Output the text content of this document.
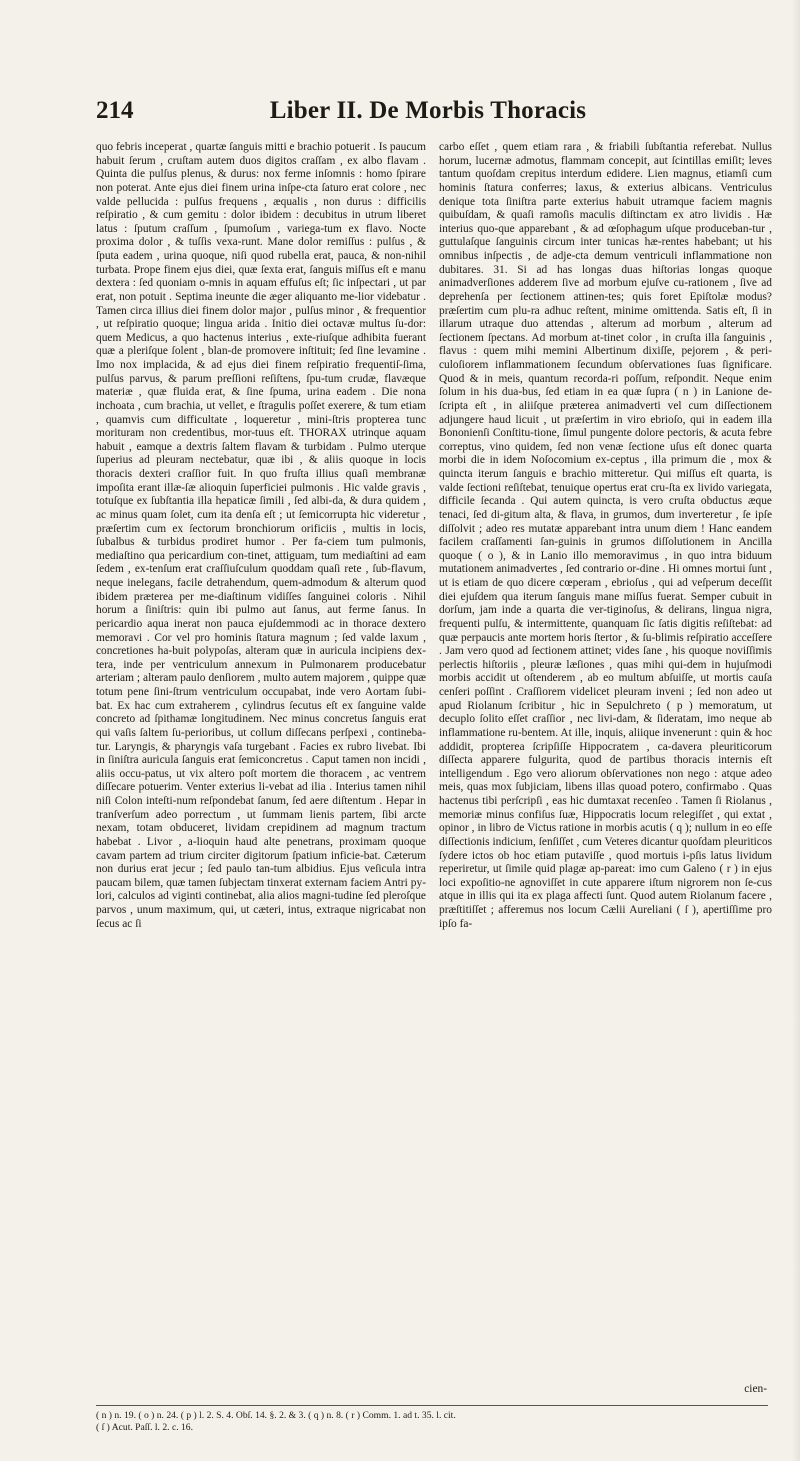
214	Liber II. De Morbis Thoracis

quo febris inceperat , quartæ ſanguis mitti e brachio potuerit . Is paucum habuit ſerum , cruſtam autem duos digitos craſſam , ex albo flavam . Quinta die pulſus plenus, & durus: nox ferme inſomnis : homo ſpirare non poterat. Ante ejus diei finem urina inſpe-cta ſaturo erat colore , nec valde pellucida : pulſus frequens , æqualis , non durus : difficilis reſpiratio , & cum gemitu : dolor ibidem : decubitus in utrum liberet latus : ſputum craſſum , ſpumoſum , variega-tum ex flavo. Nocte proxima dolor , & tuſſis vexa-runt. Mane dolor remiſſus : pulſus , & ſputa eadem , urina quoque, niſi quod rubella erat, pauca, & non-nihil turbata. Prope finem ejus diei, quæ ſexta erat, ſanguis miſſus eſt e manu dextera : ſed quoniam o-mnis in aquam effuſus eſt; ſic inſpectari , ut par erat, non potuit . Septima ineunte die æger aliquanto me-lior videbatur . Tamen circa illius diei finem dolor major , pulſus minor , & frequentior , ut reſpiratio quoque; lingua arida . Initio diei octavæ multus ſu-dor: quem Medicus, a quo hactenus interius , exte-riuſque adhibita fuerant quæ a pleriſque ſolent , blan-de promovere inſtituit; ſed ſine levamine . Imo nox implacida, & ad ejus diei finem reſpiratio frequentiſ-ſima, pulſus parvus, & parum preſſioni reſiſtens, ſpu-tum crudæ, flavæque materiæ , quæ fluida erat, & ſine ſpuma, urina eadem . Die nona inchoata , cum brachia, ut vellet, e ſtragulis poſſet exerere, & tum etiam , quamvis cum difficultate , loqueretur , mini-ſtris propterea tunc morituram non credentibus, mor-tuus eſt. THORAX utrinque aquam habuit , eamque a dextris ſaltem flavam & turbidam . Pulmo uterque ſuperius ad pleuram nectebatur, quæ ibi , & aliis quoque in locis thoracis dexteri craſſior fuit. In quo fruſta illius quaſi membranæ impoſita erant illæ-ſæ alioquin ſuperficiei pulmonis . Hic valde gravis , totuſque ex ſubſtantia illa hepaticæ ſimili , ſed albi-da, & dura quidem , ac minus quam ſolet, cum ita denſa eſt ; ut ſemicorrupta hic videretur , præſertim cum ex ſectorum bronchiorum orificiis , multis in locis, ſubalbus & turbidus prodiret humor . Per fa-ciem tum pulmonis, mediaſtino qua pericardium con-tinet, attiguam, tum mediaſtini ad eam ſedem , ex-tenſum erat craſſiuſculum quoddam quaſi rete , ſub-flavum, neque inelegans, facile detrahendum, quem-admodum & alterum quod ibidem præterea per me-diaſtinum vidiſſes ſanguinei coloris . Nihil horum a ſiniſtris: quin ibi pulmo aut ſanus, aut ferme ſanus. In pericardio aqua inerat non pauca ejuſdemmodi ac in thorace dextero memoravi . Cor vel pro hominis ſtatura magnum ; ſed valde laxum , concretiones ha-buit polypoſas, alteram quæ in auricula incipiens dex-tera, inde per ventriculum annexum in Pulmonarem producebatur arteriam ; alteram paulo denſiorem , multo autem majorem , quippe quæ totum pene ſini-ſtrum ventriculum occupabat, inde vero Aortam ſubi-bat. Ex hac cum extraherem , cylindrus ſecutus eſt ex ſanguine valde concreto ad ſpithamæ longitudinem. Nec minus concretus ſanguis erat qui vaſis ſaltem ſu-perioribus, ut collum diſſecans perſpexi , contineba-tur. Laryngis, & pharyngis vaſa turgebant . Facies ex rubro livebat. Ibi in ſiniſtra auricula ſanguis erat ſemiconcretus . Caput tamen non incidi , aliis occu-patus, ut vix altero poſt mortem die thoracem , ac ventrem diſſecare potuerim. Venter exterius li-vebat ad ilia . Interius tamen nihil niſi Colon inteſti-num reſpondebat ſanum, ſed aere diſtentum . Hepar in tranſverſum adeo porrectum , ut ſummam lienis partem, ſibi arcte nexam, totam obduceret, lividam crepidinem ad magnum tractum habebat . Livor , a-lioquin haud alte penetrans, proximam quoque cavam partem ad trium circiter digitorum ſpatium inficie-bat. Cæterum non durius erat jecur ; ſed paulo tan-tum albidius. Ejus veſicula intra paucam bilem, quæ tamen ſubjectam tinxerat externam faciem Antri py-lori, calculos ad viginti continebat, alia alios magni-tudine ſed pleroſque parvos , unum maximum, qui, ut cæteri, intus, extraque nigricabat non ſecus ac ſi

carbo eſſet , quem etiam rara , & friabili ſubſtantia referebat. Nullus horum, lucernæ admotus, flammam concepit, aut ſcintillas emiſit; leves tantum quoſdam crepitus interdum edidere. Lien magnus, etiamſi cum hominis ſtatura conferres; laxus, & exterius albicans. Ventriculus denique tota ſiniſtra parte exterius habuit utramque faciem magnis quibuſdam, & quaſi ramoſis maculis diſtinctam ex atro lividis . Hæ interius quo-que apparebant , & ad œſophagum uſque produceban-tur , guttulaſque ſanguinis circum inter tunicas hæ-rentes habebant; ut his omnibus inſpectis , de adje-cta demum ventriculi inflammatione non dubitares. 31. Si ad has longas duas hiſtorias longas quoque animadverſiones adderem ſive ad morbum ejuſve cu-rationem , ſive ad deprehenſa per ſectionem attinen-tes; quis foret Epiſtolæ modus? præſertim cum plu-ra adhuc reſtent, minime omittenda. Satis eſt, ſi in illarum utraque duo attendas , alterum ad morbum , alterum ad ſectionem ſpectans. Ad morbum at-tinet color , in cruſta illa ſanguinis , flavus : quem mihi memini Albertinum dixiſſe, pejorem , & peri-culoſiorem inflammationem ſecundum obſervationes ſuas ſignificare. Quod & in meis, quantum recorda-ri poſſum, reſpondit. Neque enim ſolum in his dua-bus, ſed etiam in ea quæ ſupra ( n ) in Lanione de-ſcripta eſt , in aliiſque præterea animadverti vel cum diſſectionem adjungere haud licuit , ut præſertim in viro ebrioſo, qui in eadem illa Bononienſi Conſtitu-tione, ſimul pungente dolore pectoris, & acuta febre correptus, vino quidem, ſed non venæ ſectione uſus eſt donec quarta morbi die in idem Noſocomium ex-ceptus , illa primum die , mox & quincta iterum ſanguis e brachio mitteretur. Qui miſſus eſt quarta, is valde ſectioni reſiſtebat, tenuique opertus erat cru-ſta ex livido variegata, difficile ſecanda . Qui autem quincta, is vero cruſta obductus æque tenaci, ſed di-gitum alta, & flava, in grumos, dum inverteretur , ſe ipſe diſſolvit ; adeo res mutatæ apparebant intra unum diem ! Hanc eandem facilem craſſamenti ſan-guinis in grumos diſſolutionem in Ancilla quoque ( o ), & in Lanio illo memoravimus , in quo intra biduum mutationem animadvertes , ſed contrario or-dine . Hi omnes mortui ſunt , ut is etiam de quo dicere cœperam , ebrioſus , qui ad veſperum deceſſit diei ejuſdem qua iterum ſanguis mane miſſus fuerat. Semper cubuit in dorſum, jam inde a quarta die ver-tiginoſus, & delirans, lingua nigra, frequenti pulſu, & intermittente, quanquam ſic ſatis digitis reſiſtebat: ad quæ perpaucis ante mortem horis ſtertor , & ſu-blimis reſpiratio acceſſere . Jam vero quod ad ſectionem attinet; vides ſane , his quoque noviſſimis perlectis hiſtoriis , pleuræ læſiones , quas mihi qui-dem in hujuſmodi morbis accidit ut oſtenderem , ab eo multum abſuiſſe, ut mortis cauſa cenſeri poſſint . Craſſiorem videlicet pleuram inveni ; ſed non adeo ut apud Riolanum ſcribitur , hic in Sepulchreto ( p ) memoratum, ut decuplo ſolito eſſet craſſior , nec livi-dam, & ſideratam, imo neque ab inflammatione ru-bentem. At ille, inquis, aliique invenerunt : quin & hoc addidit, propterea ſcripſiſſe Hippocratem , ca-davera pleuriticorum diſſecta apparere fulgurita, quod de partibus thoracis internis eſt intelligendum . Ego vero aliorum obſervationes non nego : atque adeo meis, quas mox ſubjiciam, libens illas quoad potero, confirmabo . Quas hactenus tibi perſcripſi , eas hic dumtaxat recenſeo . Tamen ſi Riolanus , memoriæ minus confiſus ſuæ, Hippocratis locum relegiſſet , qui extat , opinor , in libro de Victus ratione in morbis acutis ( q ); nullum in eo eſſe diſſectionis indicium, ſenſiſſet , cum Veteres dicantur quoſdam pleuriticos ſydere ictos ob hoc etiam putaviſſe , quod mortuis i-pſis latus lividum reperiretur, ut ſimile quid plagæ ap-pareat: imo cum Galeno ( r ) in ejus loci expoſitio-ne agnoviſſet in cute apparere iſtum nigrorem non ſe-cus atque in illis qui ita ex plaga affecti ſunt. Quod autem Riolanum facere , præſtitiſſet ; afferemus nos locum Cælii Aureliani ( ſ ), apertiſſime pro ipſo fa-

cien-
( n ) n. 19. ( o ) n. 24. ( p ) l. 2. S. 4. Obſ. 14. §. 2. & 3. ( q ) n. 8. ( r ) Comm. 1. ad t. 35. l. cit.
( ſ ) Acut. Paſſ. l. 2. c. 16.
